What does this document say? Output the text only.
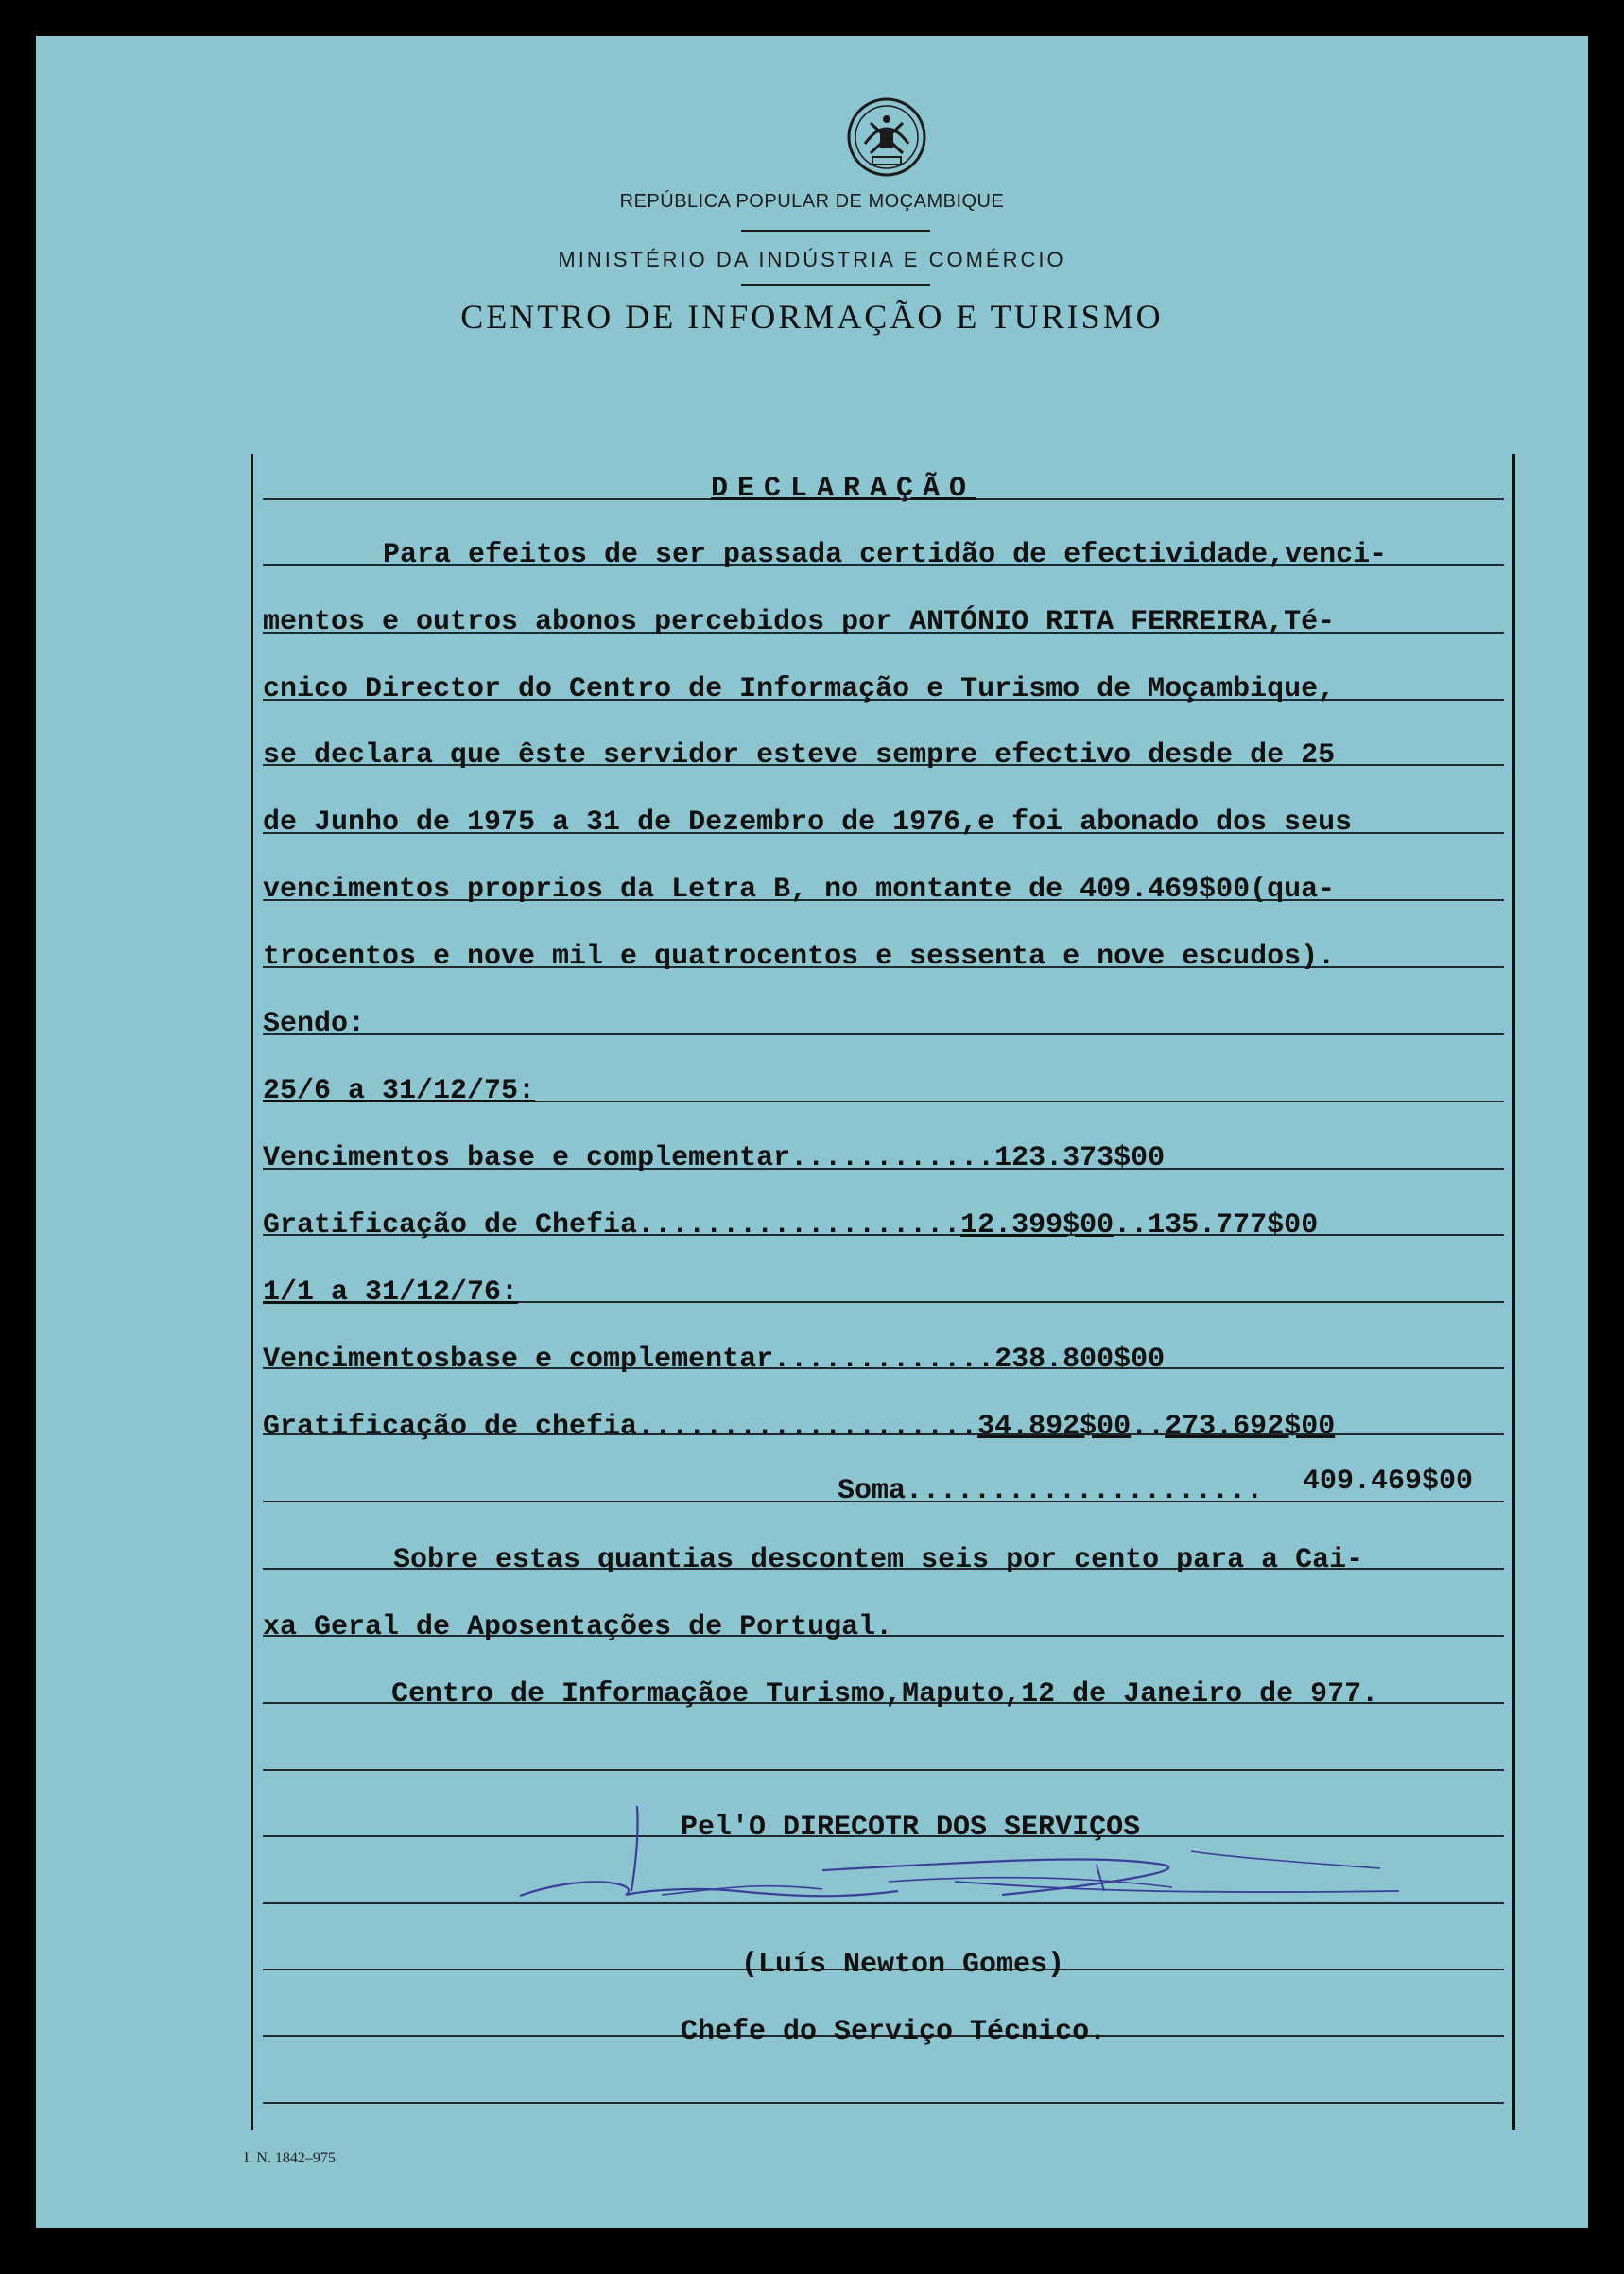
REPÚBLICA POPULAR DE MOÇAMBIQUE
MINISTÉRIO DA INDÚSTRIA E COMÉRCIO
CENTRO DE INFORMAÇÃO E TURISMO
DECLARAÇÃO
Para efeitos de ser passada certidão de efectividade,venci-
mentos e outros abonos percebidos por ANTÓNIO RITA FERREIRA,Té-
cnico Director do Centro de Informação e Turismo de Moçambique,
se declara que êste servidor esteve sempre efectivo desde de 25
de Junho de 1975 a 31 de Dezembro de 1976,e foi abonado dos seus
vencimentos proprios da Letra B, no montante de 409.469$00(qua-
trocentos e nove mil e quatrocentos e sessenta e nove escudos).
Sendo:
25/6 a 31/12/75:
Vencimentos base e complementar............123.373$00
Gratificação de Chefia...................12.399$00..135.777$00
1/1 a 31/12/76:
Vencimentosbase e complementar.............238.800$00
Gratificação de chefia....................34.892$00..273.692$00
Soma..................... 409.469$00
Sobre estas quantias descontem seis por cento para a Cai-
xa Geral de Aposentações de Portugal.
Centro de Informaçãoe Turismo,Maputo,12 de Janeiro de 977.
Pel'O DIRECOTR DOS SERVIÇOS
(Luís Newton Gomes)
Chefe do Serviço Técnico.
I. N. 1842–975
